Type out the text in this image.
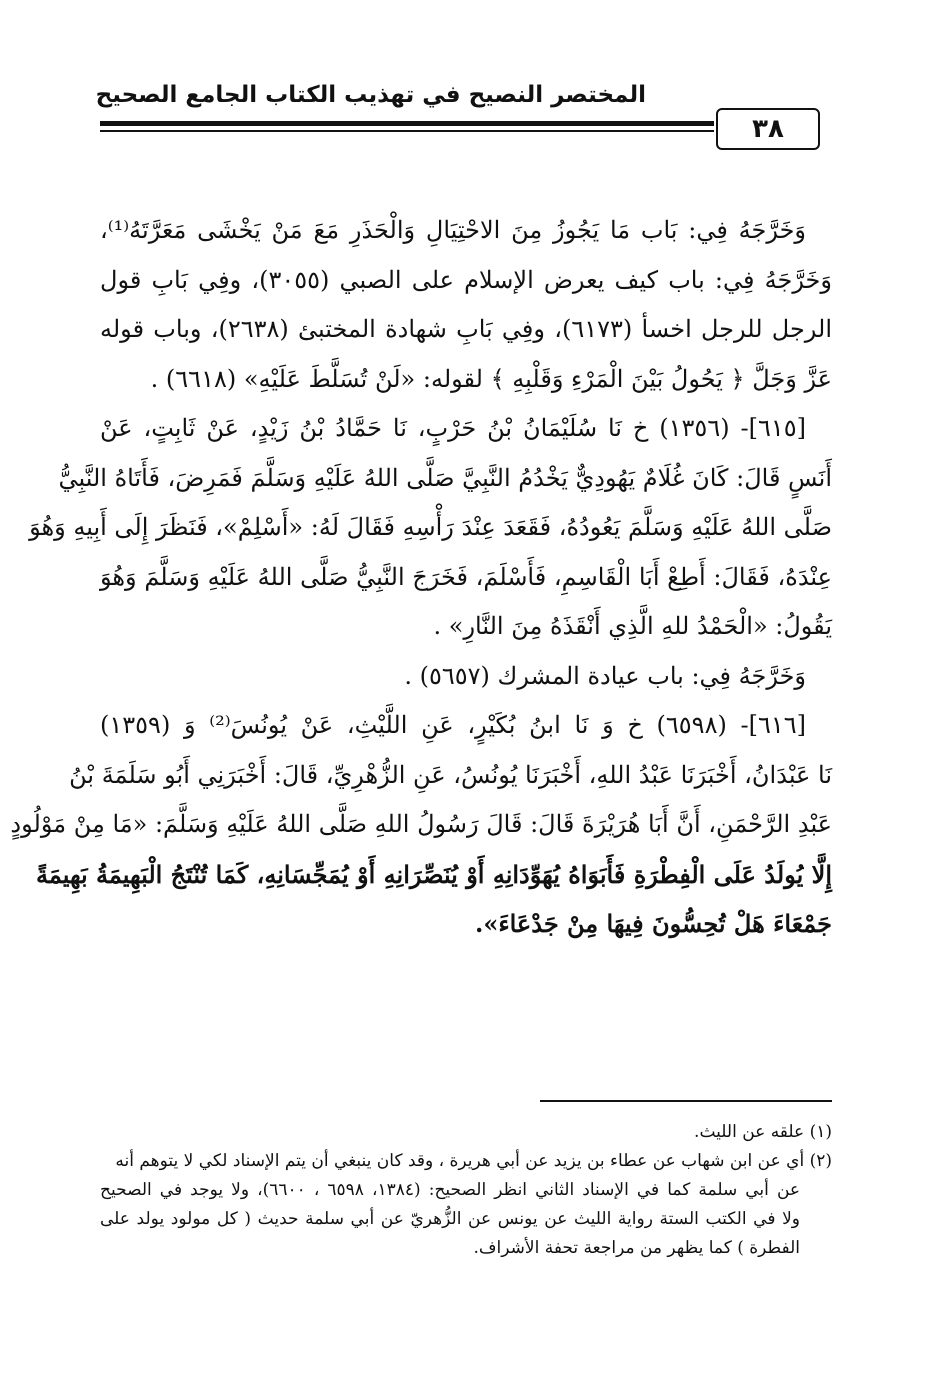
المختصر النصيح في تهذيب الكتاب الجامع الصحيح
٣٨
وَخَرَّجَهُ فِي: بَاب مَا يَجُوزُ مِنَ الاحْتِيَالِ وَالْحَذَرِ مَعَ مَنْ يَخْشَى مَعَرَّتَهُ⁽¹⁾،
وَخَرَّجَهُ فِي: باب كيف يعرض الإسلام على الصبي (٣٠٥٥)، وفِي بَابِ قول
الرجل للرجل اخسأ (٦١٧٣)، وفِي بَابِ شهادة المختبئ (٢٦٣٨)، وباب قوله
عَزَّ وَجَلَّ ﴿ يَحُولُ بَيْنَ الْمَرْءِ وَقَلْبِهِ ﴾ لقوله: «لَنْ تُسَلَّطَ عَلَيْهِ» (٦٦١٨) .
[٦١٥]- (١٣٥٦) خ نَا سُلَيْمَانُ بْنُ حَرْبٍ، نَا حَمَّادُ بْنُ زَيْدٍ، عَنْ ثَابِتٍ، عَنْ
أَنَسٍ قَالَ: كَانَ غُلَامٌ يَهُودِيٌّ يَخْدُمُ النَّبِيَّ صَلَّى اللهُ عَلَيْهِ وَسَلَّمَ فَمَرِضَ، فَأَتَاهُ النَّبِيُّ
صَلَّى اللهُ عَلَيْهِ وَسَلَّمَ يَعُودُهُ، فَقَعَدَ عِنْدَ رَأْسِهِ فَقَالَ لَهُ: «أَسْلِمْ»، فَنَظَرَ إِلَى أَبِيهِ وَهُوَ
عِنْدَهُ، فَقَالَ: أَطِعْ أَبَا الْقَاسِمِ، فَأَسْلَمَ، فَخَرَجَ النَّبِيُّ صَلَّى اللهُ عَلَيْهِ وَسَلَّمَ وَهُوَ
يَقُولُ: «الْحَمْدُ للهِ الَّذِي أَنْقَذَهُ مِنَ النَّارِ» .
وَخَرَّجَهُ فِي: باب عيادة المشرك (٥٦٥٧) .
[٦١٦]- (٦٥٩٨) خ وَ نَا ابنُ بُكَيْرٍ، عَنِ اللَّيْثِ، عَنْ يُونُسَ⁽²⁾ وَ (١٣٥٩)
نَا عَبْدَانُ، أَخْبَرَنَا عَبْدُ اللهِ، أَخْبَرَنَا يُونُسُ، عَنِ الزُّهْرِيِّ، قَالَ: أَخْبَرَنِي أَبُو سَلَمَةَ بْنُ
عَبْدِ الرَّحْمَنِ، أَنَّ أَبَا هُرَيْرَةَ قَالَ: قَالَ رَسُولُ اللهِ صَلَّى اللهُ عَلَيْهِ وَسَلَّمَ: «مَا مِنْ مَوْلُودٍ
إِلَّا يُولَدُ عَلَى الْفِطْرَةِ فَأَبَوَاهُ يُهَوِّدَانِهِ أَوْ يُنَصِّرَانِهِ أَوْ يُمَجِّسَانِهِ، كَمَا تُنْتَجُ الْبَهِيمَةُ بَهِيمَةً
جَمْعَاءَ هَلْ تُحِسُّونَ فِيهَا مِنْ جَدْعَاءَ».
(١) علقه عن الليث.
(٢) أي عن ابن شهاب عن عطاء بن يزيد عن أبي هريرة ، وقد كان ينبغي أن يتم الإسناد لكي لا يتوهم أنه
عن أبي سلمة كما في الإسناد الثاني انظر الصحيح: (١٣٨٤، ٦٥٩٨ ، ٦٦٠٠)، ولا يوجد في الصحيح
ولا في الكتب الستة رواية الليث عن يونس عن الزُّهريّ عن أبي سلمة حديث ( كل مولود يولد على
الفطرة ) كما يظهر من مراجعة تحفة الأشراف.
